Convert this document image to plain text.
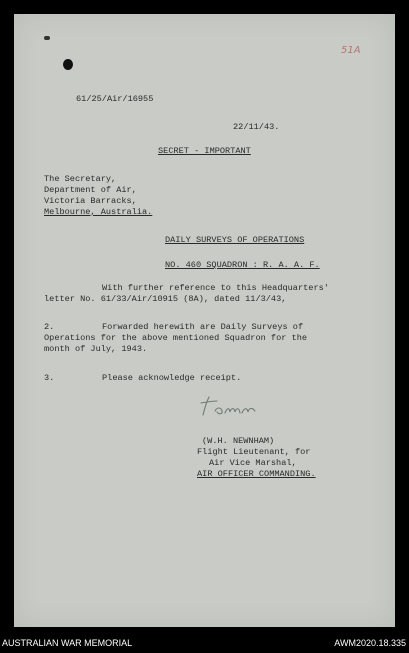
51A

61/25/Air/16955

22/11/43.

SECRET - IMPORTANT

The Secretary,

Department of Air,

Victoria Barracks,

Melbourne, Australia.

DAILY SURVEYS OF OPERATIONS

NO. 460 SQUADRON : R. A. A. F.

With further reference to this Headquarters'

letter No. 61/33/Air/10915 (8A), dated 11/3/43,

2.	Forwarded herewith are Daily Surveys of

Operations for the above mentioned Squadron for the

month of July, 1943.

3.	Please acknowledge receipt.

(W.H. NEWNHAM)

Flight Lieutenant, for

Air Vice Marshal,

AIR OFFICER COMMANDING.

AUSTRALIAN WAR MEMORIAL	AWM2020.18.335
